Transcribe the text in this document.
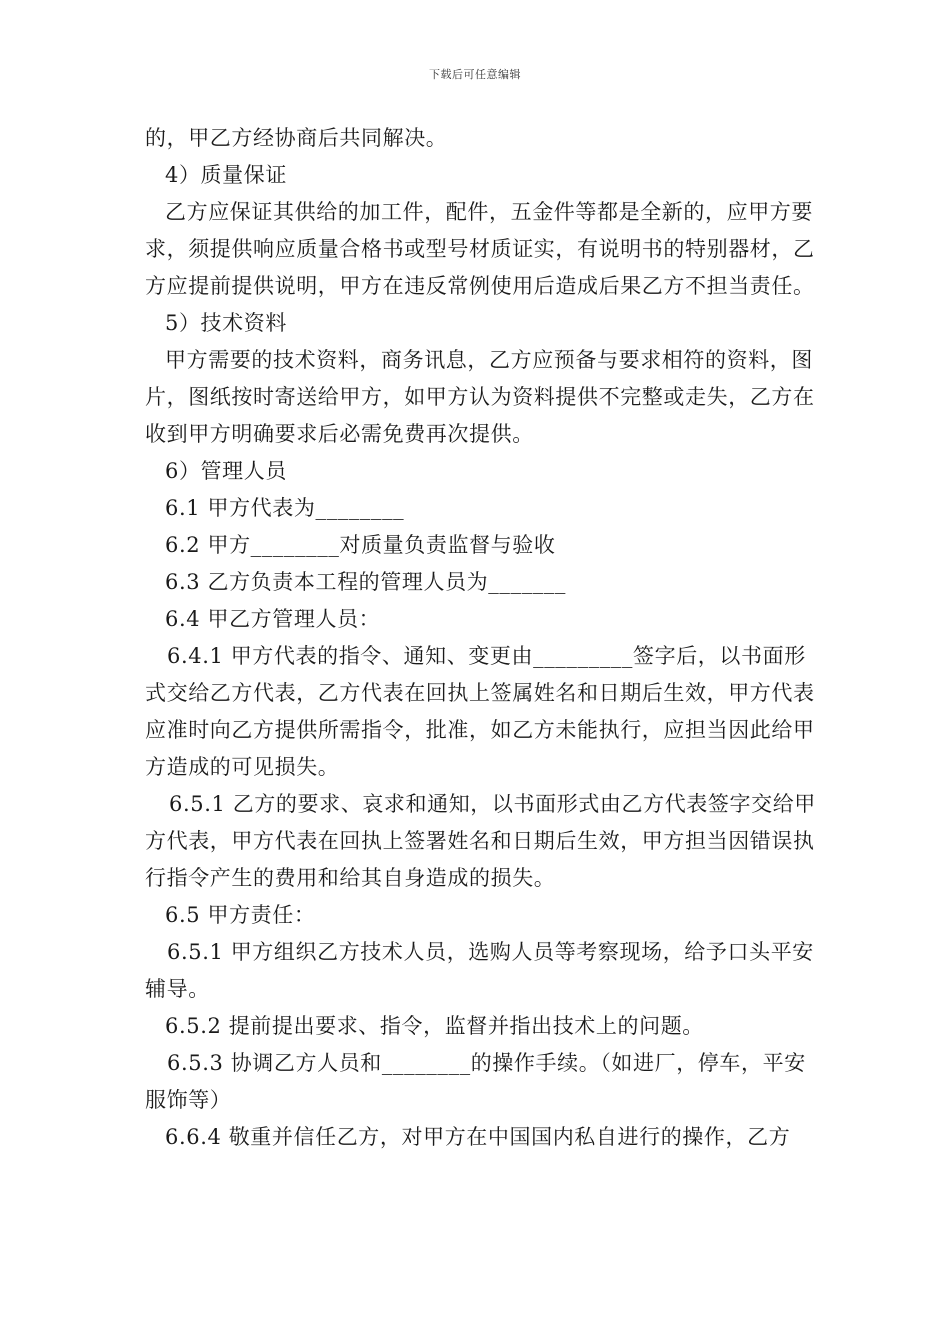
下载后可任意编辑

的，甲乙方经协商后共同解决。

4）质量保证

乙方应保证其供给的加工件，配件，五金件等都是全新的，应甲方要求，须提供响应质量合格书或型号材质证实，有说明书的特别器材，乙方应提前提供说明，甲方在违反常例使用后造成后果乙方不担当责任。

5）技术资料

甲方需要的技术资料，商务讯息，乙方应预备与要求相符的资料，图片，图纸按时寄送给甲方，如甲方认为资料提供不完整或走失，乙方在收到甲方明确要求后必需免费再次提供。

6）管理人员

6.1 甲方代表为________

6.2 甲方________对质量负责监督与验收

6.3 乙方负责本工程的管理人员为_______

6.4 甲乙方管理人员：

6.4.1 甲方代表的指令、通知、变更由_________签字后，以书面形式交给乙方代表，乙方代表在回执上签属姓名和日期后生效，甲方代表应准时向乙方提供所需指令，批准，如乙方未能执行，应担当因此给甲方造成的可见损失。

6.5.1 乙方的要求、哀求和通知，以书面形式由乙方代表签字交给甲方代表，甲方代表在回执上签署姓名和日期后生效，甲方担当因错误执行指令产生的费用和给其自身造成的损失。

6.5 甲方责任：

6.5.1 甲方组织乙方技术人员，选购人员等考察现场，给予口头平安辅导。

6.5.2 提前提出要求、指令，监督并指出技术上的问题。

6.5.3 协调乙方人员和________的操作手续。（如进厂，停车，平安服饰等）

6.6.4 敬重并信任乙方，对甲方在中国国内私自进行的操作，乙方
